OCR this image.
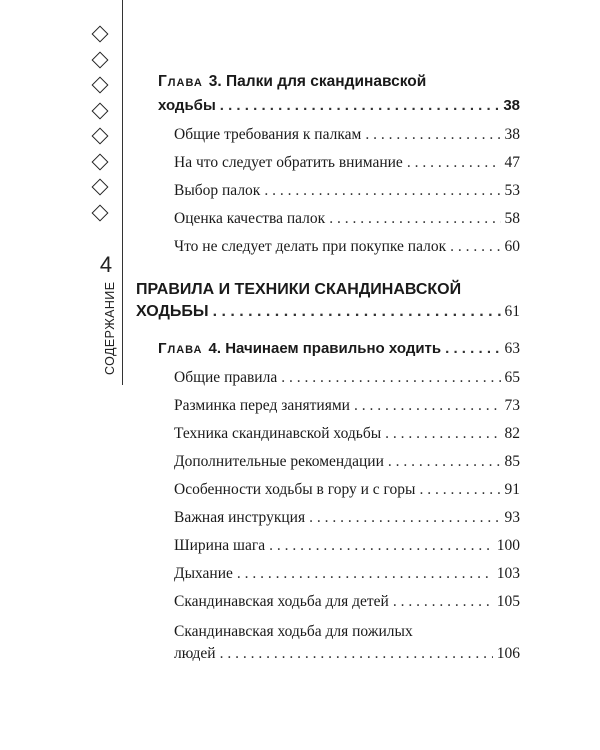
4
СОДЕРЖАНИЕ
Глава 3. Палки для скандинавской
ходьбы . . .	38
Общие требования к палкам . . .	38
На что следует обратить внимание . . .	47
Выбор палок . . .	53
Оценка качества палок . . .	58
Что не следует делать при покупке палок . . .	60
ПРАВИЛА И ТЕХНИКИ СКАНДИНАВСКОЙ
ХОДЬБЫ . . .	61
Глава 4. Начинаем правильно ходить . . .	63
Общие правила . . .	65
Разминка перед занятиями . . .	73
Техника скандинавской ходьбы . . .	82
Дополнительные рекомендации . . .	85
Особенности ходьбы в гору и с горы . . .	91
Важная инструкция . . .	93
Ширина шага . . .	100
Дыхание . . .	103
Скандинавская ходьба для детей . . .	105
Скандинавская ходьба для пожилых
людей . . .	106
